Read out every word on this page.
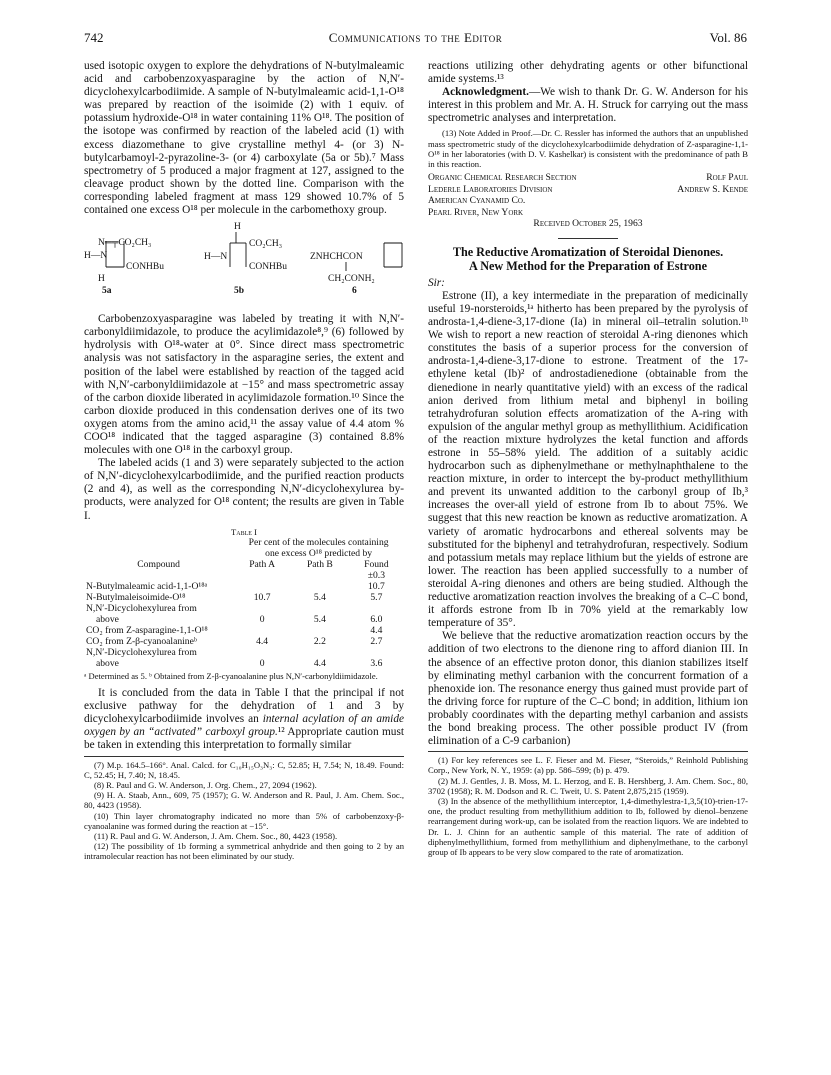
742	Communications to the Editor	Vol. 86

used isotopic oxygen to explore the dehydrations of N-butylmaleamic acid and carbobenzoxyasparagine by the action of N,N′-dicyclohexylcarbodiimide. A sample of N-butylmaleamic acid-1,1-O¹⁸ was prepared by reaction of the isoimide (2) with 1 equiv. of potassium hydroxide-O¹⁸ in water containing 11% O¹⁸. The position of the isotope was confirmed by reaction of the labeled acid (1) with excess diazomethane to give crystalline methyl 4- (or 3) N-butylcarbamoyl-2-pyrazoline-3- (or 4) carboxylate (5a or 5b).⁷ Mass spectrometry of 5 produced a major fragment at 127, assigned to the cleavage product shown by the dotted line. Comparison with the corresponding labeled fragment at mass 129 showed 10.7% of 5 contained one excess O¹⁸ per molecule in the carbomethoxy group.

N═╤CO₂CH₃
H—N
CONHBu
H
5a
H
CO₂CH₃
H—N
CONHBu
5b
ZNHCHCON
CH₂CONH₂
6

Carbobenzoxyasparagine was labeled by treating it with N,N′-carbonyldiimidazole, to produce the acylimidazole⁸,⁹ (6) followed by hydrolysis with O¹⁸-water at 0°. Since direct mass spectrometric analysis was not satisfactory in the asparagine series, the extent and position of the label were established by reaction of the tagged acid with N,N′-carbonyldiimidazole at −15° and mass spectrometric assay of the carbon dioxide liberated in acylimidazole formation.¹⁰ Since the carbon dioxide produced in this condensation derives one of its two oxygen atoms from the amino acid,¹¹ the assay value of 4.4 atom % COO¹⁸ indicated that the tagged asparagine (3) contained 8.8% molecules with one O¹⁸ in the carboxyl group.

The labeled acids (1 and 3) were separately subjected to the action of N,N′-dicyclohexylcarbodiimide, and the purified reaction products (2 and 4), as well as the corresponding N,N′-dicyclohexylurea by-products, were analyzed for O¹⁸ content; the results are given in Table I.

Table I
	Per cent of the molecules containing		
	one excess O¹⁸ predicted by		
Compound	Path A	Path B	Found
			±0.3
N-Butylmaleamic acid-1,1-O¹⁸ᵃ			10.7
N-Butylmaleisoimide-O¹⁸	10.7	5.4	5.7
N,N′-Dicyclohexylurea from			
above	0	5.4	6.0
CO₂ from Z-asparagine-1,1-O¹⁸			4.4
CO₂ from Z-β-cyanoalanineᵇ	4.4	2.2	2.7
N,N′-Dicyclohexylurea from			
above	0	4.4	3.6
ᵃ Determined as 5. ᵇ Obtained from Z-β-cyanoalanine plus N,N′-carbonyldiimidazole.

It is concluded from the data in Table I that the principal if not exclusive pathway for the dehydration of 1 and 3 by dicyclohexylcarbodiimide involves an internal acylation of an amide oxygen by an “activated” carboxyl group.¹² Appropriate caution must be taken in extending this interpretation to formally similar

(7) M.p. 164.5–166°. Anal. Calcd. for C₁₀H₁₅O₃N₃: C, 52.85; H, 7.54; N, 18.49. Found: C, 52.45; H, 7.40; N, 18.45.

(8) R. Paul and G. W. Anderson, J. Org. Chem., 27, 2094 (1962).

(9) H. A. Staab, Ann., 609, 75 (1957); G. W. Anderson and R. Paul, J. Am. Chem. Soc., 80, 4423 (1958).

(10) Thin layer chromatography indicated no more than 5% of carbobenzoxy-β-cyanoalanine was formed during the reaction at −15°.

(11) R. Paul and G. W. Anderson, J. Am. Chem. Soc., 80, 4423 (1958).

(12) The possibility of 1b forming a symmetrical anhydride and then going to 2 by an intramolecular reaction has not been eliminated by our study.

reactions utilizing other dehydrating agents or other bifunctional amide systems.¹³

Acknowledgment.—We wish to thank Dr. G. W. Anderson for his interest in this problem and Mr. A. H. Struck for carrying out the mass spectrometric analyses and interpretation.

(13) Note Added in Proof.—Dr. C. Ressler has informed the authors that an unpublished mass spectrometric study of the dicyclohexylcarbodiimide dehydration of Z-asparagine-1,1-O¹⁸ in her laboratories (with D. V. Kashelkar) is consistent with the predominance of path B in this reaction.

Organic Chemical Research Section	Rolf Paul
Lederle Laboratories Division	Andrew S. Kende
American Cyanamid Co.
Pearl River, New York
Received October 25, 1963
The Reductive Aromatization of Steroidal Dienones.
A New Method for the Preparation of Estrone

Sir:

Estrone (II), a key intermediate in the preparation of medicinally useful 19-norsteroids,¹ᵃ hitherto has been prepared by the pyrolysis of androsta-1,4-diene-3,17-dione (Ia) in mineral oil–tetralin solution.¹ᵇ We wish to report a new reaction of steroidal A-ring dienones which constitutes the basis of a superior process for the conversion of androsta-1,4-diene-3,17-dione to estrone. Treatment of the 17-ethylene ketal (Ib)² of androstadienedione (obtainable from the dienedione in nearly quantitative yield) with an excess of the radical anion derived from lithium metal and biphenyl in boiling tetrahydrofuran solution effects aromatization of the A-ring with expulsion of the angular methyl group as methyllithium. Acidification of the reaction mixture hydrolyzes the ketal function and affords estrone in 55–58% yield. The addition of a suitably acidic hydrocarbon such as diphenylmethane or methylnaphthalene to the reaction mixture, in order to intercept the by-product methyllithium and prevent its unwanted addition to the carbonyl group of Ib,³ increases the over-all yield of estrone from Ib to about 75%. We suggest that this new reaction be known as reductive aromatization. A variety of aromatic hydrocarbons and ethereal solvents may be substituted for the biphenyl and tetrahydrofuran, respectively. Sodium and potassium metals may replace lithium but the yields of estrone are lower. The reaction has been applied successfully to a number of steroidal A-ring dienones and others are being studied. Although the reductive aromatization reaction involves the breaking of a C–C bond, it affords estrone from Ib in 70% yield at the remarkably low temperature of 35°.

We believe that the reductive aromatization reaction occurs by the addition of two electrons to the dienone ring to afford dianion III. In the absence of an effective proton donor, this dianion stabilizes itself by eliminating methyl carbanion with the concurrent formation of a phenoxide ion. The resonance energy thus gained must provide part of the driving force for rupture of the C–C bond; in addition, lithium ion probably coordinates with the departing methyl carbanion and assists the bond breaking process. The other possible product IV (from elimination of a C-9 carbanion)

(1) For key references see L. F. Fieser and M. Fieser, “Steroids,” Reinhold Publishing Corp., New York, N. Y., 1959: (a) pp. 586–599; (b) p. 479.

(2) M. J. Gentles, J. B. Moss, M. L. Herzog, and E. B. Hershberg, J. Am. Chem. Soc., 80, 3702 (1958); R. M. Dodson and R. C. Tweit, U. S. Patent 2,875,215 (1959).

(3) In the absence of the methyllithium interceptor, 1,4-dimethylestra-1,3,5(10)-trien-17-one, the product resulting from methyllithium addition to Ib, followed by dienol–benzene rearrangement during work-up, can be isolated from the reaction liquors. We are indebted to Dr. L. J. Chinn for an authentic sample of this material. The rate of addition of diphenylmethyllithium, formed from methyllithium and diphenylmethane, to the carbonyl group of Ib appears to be very slow compared to the rate of aromatization.
